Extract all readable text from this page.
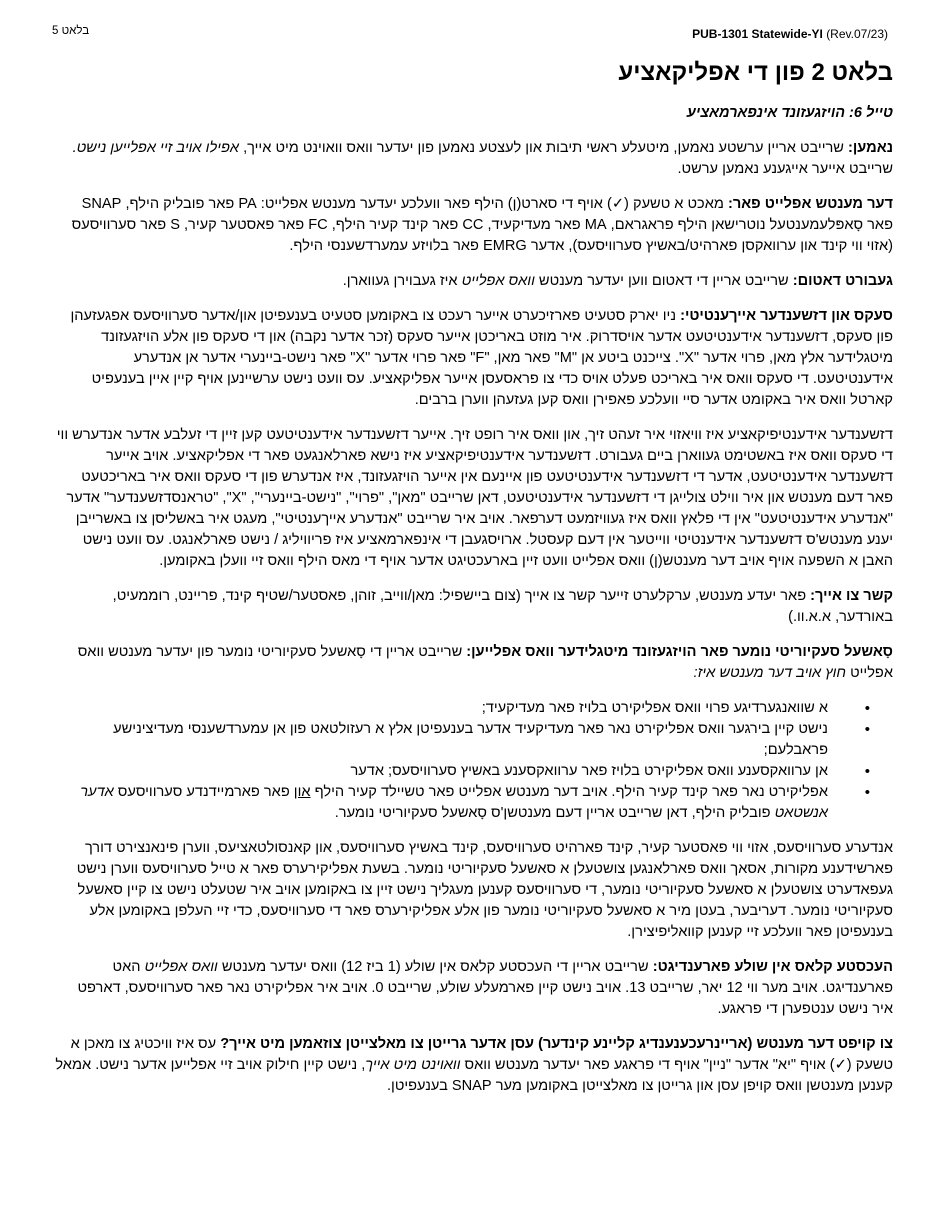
בלאט 5	PUB-1301 Statewide-YI (Rev.07/23)
בלאט 2 פון די אפליקאציע
טייל 6: הויזגעזונד אינפארמאציע

נאמען: שרייבט אריין ערשטע נאמען, מיטעלע ראשי תיבות און לעצטע נאמען פון יעדער וואס וואוינט מיט אייך, אפילו אויב זיי אפלייען נישט. שרייבט אייער אייגענע נאמען ערשט.

דער מענטש אפלייט פאר: מאכט א טשעק (✓) אויף די סארט(ן) הילף פאר וועלכע יעדער מענטש אפלייט: PA פאר פובליק הילף, SNAP פאר סָאפּלעמענטעל נוטרישאן הילף פראגראם, MA פאר מעדיקעיד, CC פאר קינד קעיר הילף, FC פאר פאסטער קעיר, S פאר סערוויסעס (אזוי ווי קינד און ערוואקסן פארהיט/באשיץ סערוויסעס), אדער EMRG פאר בלויזע עמערדשענסי הילף.

געבורט דאטום: שרייבט אריין די דאטום ווען יעדער מענטש וואס אפלייט איז געבוירן געווארן.

סעקס און דזשענדער אייךענטיטי: ניו יארק סטעיט פארזיכערט אייער רעכט צו באקומען סטעיט בענעפיטן און/אדער סערוויסעס אפגעזעהן פון סעקס, דזשענדער אידענטיטעט אדער אויסדרוק. איר מוזט באריכטן אייער סעקס (זכר אדער נקבה) און די סעקס פון אלע הויזגעזונד מיטגלידער אלץ מאן, פרוי אדער "X". צייכנט ביטע אן "M" פאר מאן, "F" פאר פרוי אדער "X" פאר נישט-ביינערי אדער אן אנדערע אידענטיטעט. די סעקס וואס איר באריכט פעלט אויס כדי צו פראסעסן אייער אפליקאציע. עס וועט נישט ערשיינען אויף קיין איין בענעפיט קארטל וואס איר באקומט אדער סיי וועלכע פאפירן וואס קען געזעהן ווערן ברבים.

דזשענדער אידענטיפיקאציע איז וויאזוי איר זעהט זיך, און וואס איר רופט זיך. אייער דזשענדער אידענטיטעט קען זיין די זעלבע אדער אנדערש ווי די סעקס וואס איז באשטימט געווארן ביים געבורט. דזשענדער אידענטיפיקאציע איז נישא פארלאנגעט פאר די אפליקאציע. אויב אייער דזשענדער אידענטיטעט, אדער די דזשענדער אידענטיטעט פון איינעם אין אייער הויזגעזונד, איז אנדערש פון די סעקס וואס איר באריכטעט פאר דעם מענטש און איר ווילט צולייגן די דזשענדער אידענטיטעט, דאן שרייבט "מאן", "פרוי", "נישט-ביינערי", "X", "טראנסדזשענדער" אדער "אנדערע אידענטיטעט" אין די פלאץ וואס איז געוויזמעט דערפאר. אויב איר שרייבט "אנדערע אייךענטיטי", מעגט איר באשליסן צו באשרייבן יענע מענטש'ס דזשענדער אידענטיטי ווייטער אין דעם קעסטל. ארויסגעבן די אינפארמאציע איז פריוויליג / נישט פארלאנגט. עס וועט נישט האבן א השפעה אויף אויב דער מענטש(ן) וואס אפלייט וועט זיין בארעכטיגט אדער אויף די מאס הילף וואס זיי וועלן באקומען.

קשר צו אייך: פאר יעדע מענטש, ערקלערט זייער קשר צו אייך (צום ביישפיל: מאן/ווייב, זוהן, פאסטער/שטיף קינד, פריינט, רוממעיט, באורדער, א.א.וו.)

סָאשעל סעקיוריטי נומער פאר הויזגעזונד מיטגלידער וואס אפלייען: שרייבט אריין די סָאשעל סעקיוריטי נומער פון יעדער מענטש וואס אפלייט חוץ אויב דער מענטש איז:

• א שוואנגערדיגע פרוי וואס אפליקירט בלויז פאר מעדיקעיד;
• נישט קיין בירגער וואס אפליקירט נאר פאר מעדיקעיד אדער בענעפיטן אלץ א רעזולטאט פון אן עמערדשענסי מעדיצינישע פראבלעם;
• אן ערוואקסענע וואס אפליקירט בלויז פאר ערוואקסענע באשיץ סערוויסעס; אדער
• אפליקירט נאר פאר קינד קעיר הילף. אויב דער מענטש אפלייט פאר טשיילד קעיר הילף און פאר פארמיידנדע סערוויסעס אדער אנשטאט פובליק הילף, דאן שרייבט אריין דעם מענטשן'ס סָאשעל סעקיוריטי נומער.

אנדערע סערוויסעס, אזוי ווי פאסטער קעיר, קינד פארהיט סערוויסעס, קינד באשיץ סערוויסעס, און קאנסולטאציעס, ווערן פינאנצירט דורך פארשידענע מקורות, אסאך וואס פארלאנגען צושטעלן א סאשעל סעקיוריטי נומער. בשעת אפליקירערס פאר א טייל סערוויסעס ווערן נישט געפאדערט צושטעלן א סאשעל סעקיוריטי נומער, די סערוויסעס קענען מעגליך נישט זיין צו באקומען אויב איר שטעלט נישט צו קיין סאשעל סעקיוריטי נומער. דעריבער, בעטן מיר א סאשעל סעקיוריטי נומער פון אלע אפליקירערס פאר די סערוויסעס, כדי זיי העלפן באקומען אלע בענעפיטן פאר וועלכע זיי קענען קוואליפיצירן.

העכסטע קלאס אין שולע פארענדיגט: שרייבט אריין די העכסטע קלאס אין שולע (1 ביז 12) וואס יעדער מענטש וואס אפלייט האט פארענדיגט. אויב מער ווי 12 יאר, שרייבט 13. אויב נישט קיין פארמעלע שולע, שרייבט 0. אויב איר אפליקירט נאר פאר סערוויסעס, דארפט איר נישט ענטפערן די פראגע.

צו קויפט דער מענטש (אריינרעכענענדיג קליינע קינדער) עסן אדער גרייטן צו מאלצייטן צוזאמען מיט אייך? עס איז וויכטיג צו מאכן א טשעק (✓) אויף "יא" אדער "ניין" אויף די פראגע פאר יעדער מענטש וואס וואוינט מיט אייך, נישט קיין חילוק אויב זיי אפלייען אדער נישט. אמאל קענען מענטשן וואס קויפן עסן און גרייטן צו מאלצייטן באקומען מער SNAP בענעפיטן.
